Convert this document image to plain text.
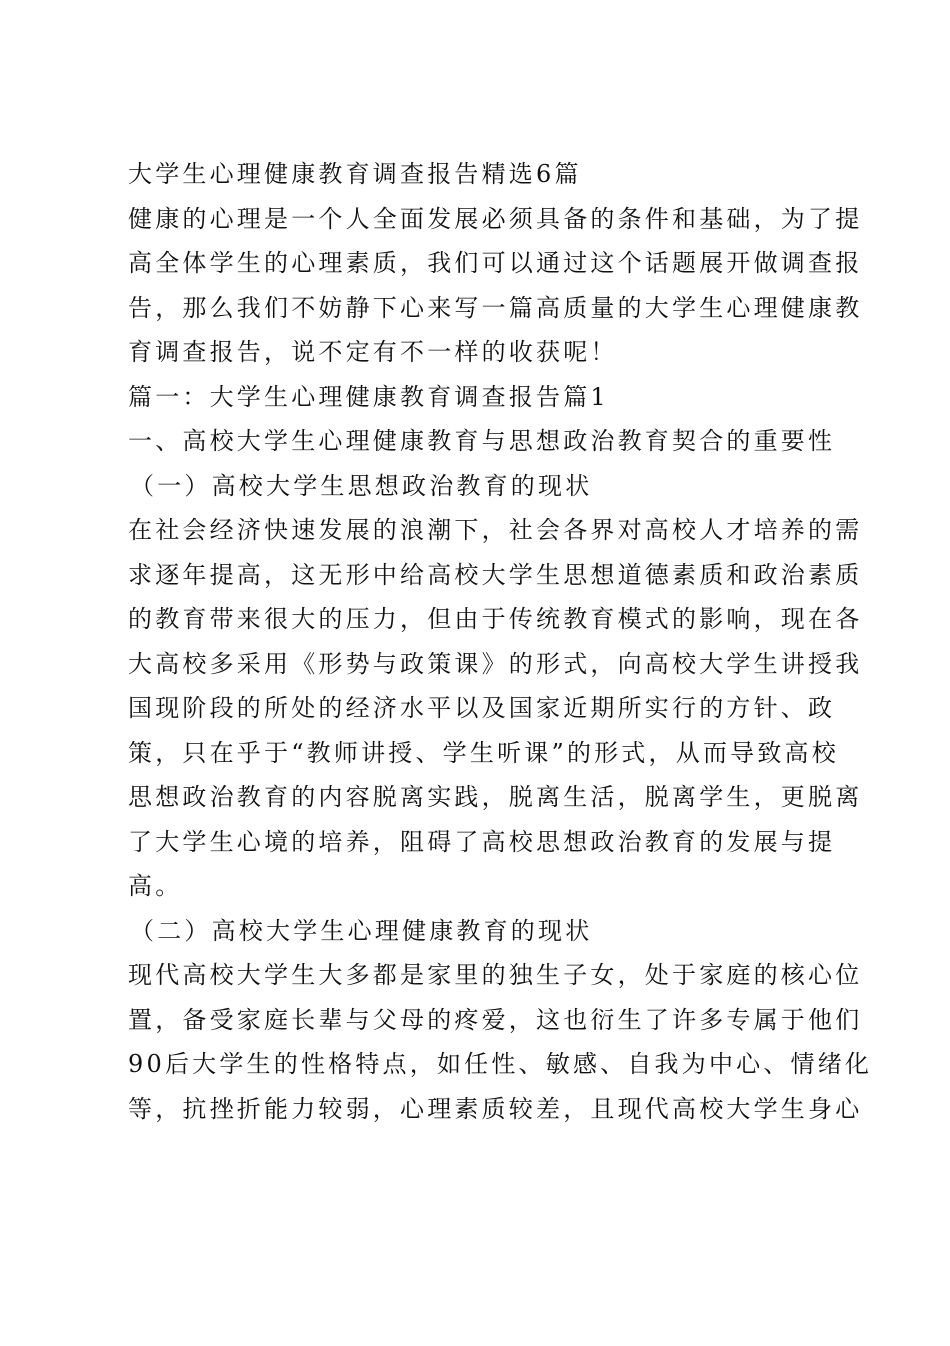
大学生心理健康教育调查报告精选6篇
健康的心理是一个人全面发展必须具备的条件和基础，为了提
高全体学生的心理素质，我们可以通过这个话题展开做调查报
告，那么我们不妨静下心来写一篇高质量的大学生心理健康教
育调查报告，说不定有不一样的收获呢！
篇一：大学生心理健康教育调查报告篇1
一、高校大学生心理健康教育与思想政治教育契合的重要性
（一）高校大学生思想政治教育的现状
在社会经济快速发展的浪潮下，社会各界对高校人才培养的需
求逐年提高，这无形中给高校大学生思想道德素质和政治素质
的教育带来很大的压力，但由于传统教育模式的影响，现在各
大高校多采用《形势与政策课》的形式，向高校大学生讲授我
国现阶段的所处的经济水平以及国家近期所实行的方针、政
策，只在乎于“教师讲授、学生听课”的形式，从而导致高校
思想政治教育的内容脱离实践，脱离生活，脱离学生，更脱离
了大学生心境的培养，阻碍了高校思想政治教育的发展与提
高。
（二）高校大学生心理健康教育的现状
现代高校大学生大多都是家里的独生子女，处于家庭的核心位
置，备受家庭长辈与父母的疼爱，这也衍生了许多专属于他们
90后大学生的性格特点，如任性、敏感、自我为中心、情绪化
等，抗挫折能力较弱，心理素质较差，且现代高校大学生身心
